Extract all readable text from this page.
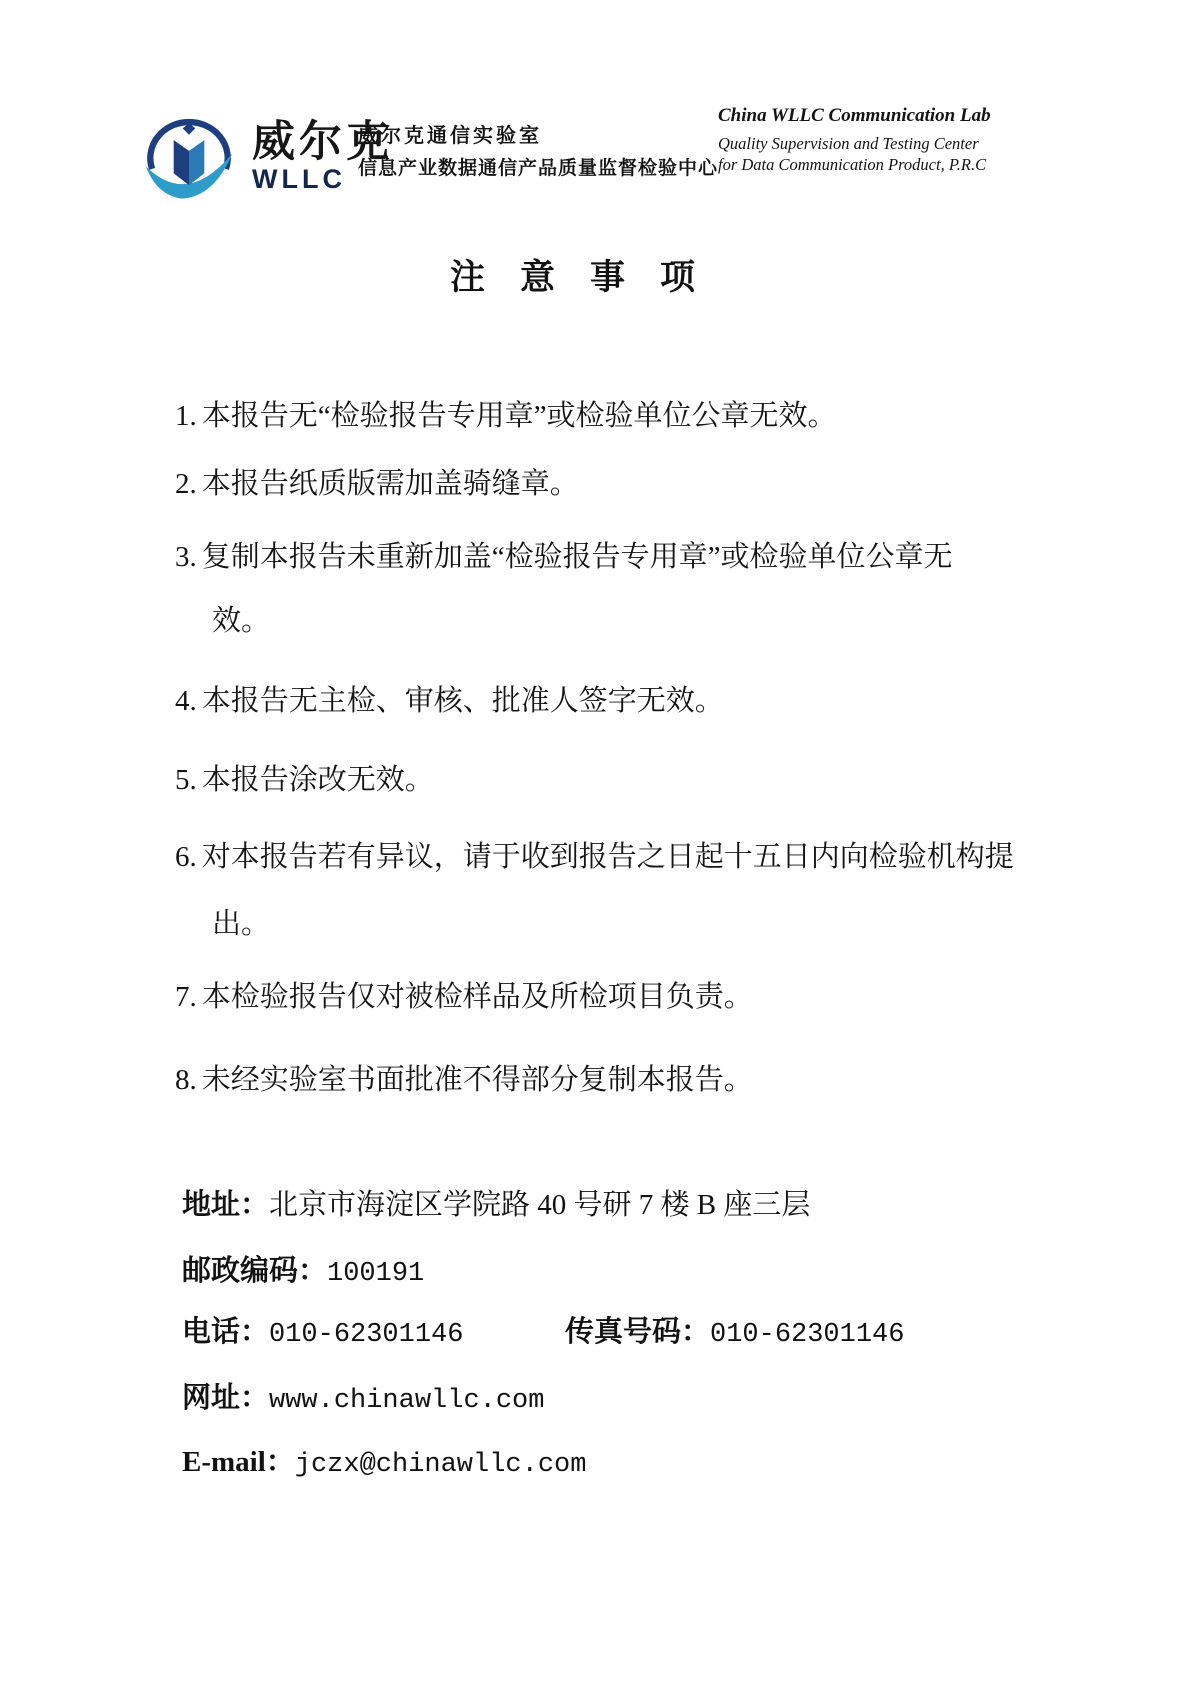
威尔克
WLLC
威尔克通信实验室
信息产业数据通信产品质量监督检验中心
China WLLC Communication Lab
Quality Supervision and Testing Center
for Data Communication Product, P.R.C
注意事项
1. 本报告无“检验报告专用章”或检验单位公章无效。
2. 本报告纸质版需加盖骑缝章。
3. 复制本报告未重新加盖“检验报告专用章”或检验单位公章无
效。
4. 本报告无主检、审核、批准人签字无效。
5. 本报告涂改无效。
6. 对本报告若有异议，请于收到报告之日起十五日内向检验机构提
出。
7. 本检验报告仅对被检样品及所检项目负责。
8. 未经实验室书面批准不得部分复制本报告。
地址：北京市海淀区学院路 40 号研 7 楼 B 座三层
邮政编码：100191
电话：010-62301146	传真号码：010-62301146
网址：www.chinawllc.com
E-mail：jczx@chinawllc.com
